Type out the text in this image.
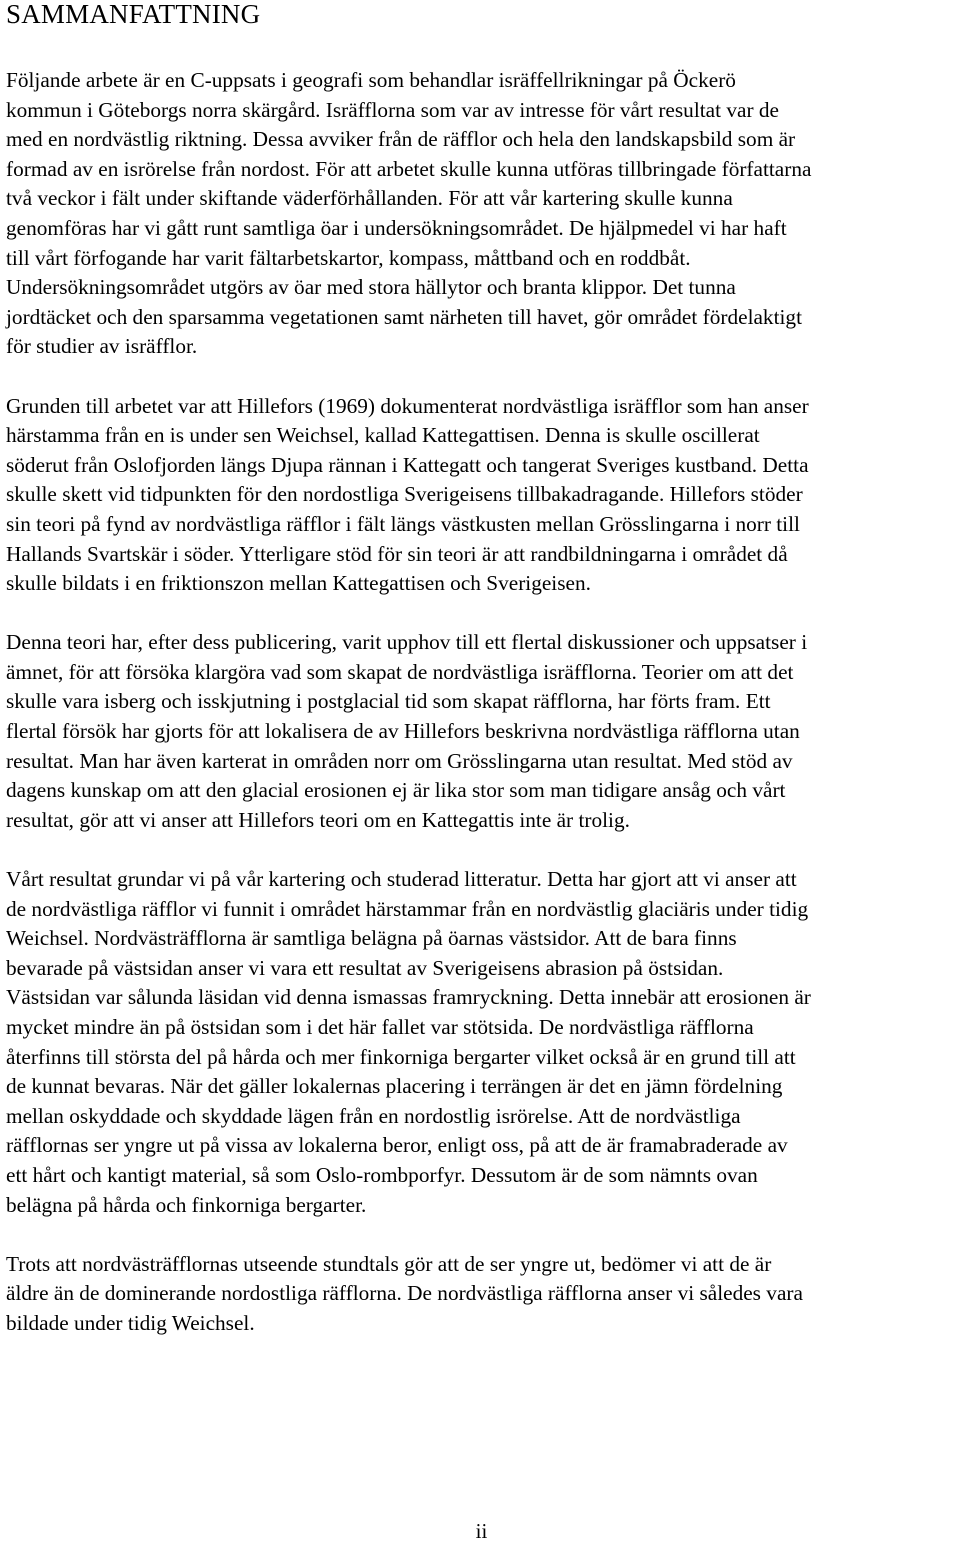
SAMMANFATTNING

Följande arbete är en C-uppsats i geografi som behandlar isräffellrikningar på Öckerö
kommun i Göteborgs norra skärgård. Isräfflorna som var av intresse för vårt resultat var de
med en nordvästlig riktning. Dessa avviker från de räfflor och hela den landskapsbild som är
formad av en isrörelse från nordost. För att arbetet skulle kunna utföras tillbringade författarna
två veckor i fält under skiftande väderförhållanden. För att vår kartering skulle kunna
genomföras har vi gått runt samtliga öar i undersökningsområdet. De hjälpmedel vi har haft
till vårt förfogande har varit fältarbetskartor, kompass, måttband och en roddbåt.
Undersökningsområdet utgörs av öar med stora hällytor och branta klippor. Det tunna
jordtäcket och den sparsamma vegetationen samt närheten till havet, gör området fördelaktigt
för studier av isräfflor.

Grunden till arbetet var att Hillefors (1969) dokumenterat nordvästliga isräfflor som han anser
härstamma från en is under sen Weichsel, kallad Kattegattisen. Denna is skulle oscillerat
söderut från Oslofjorden längs Djupa rännan i Kattegatt och tangerat Sveriges kustband. Detta
skulle skett vid tidpunkten för den nordostliga Sverigeisens tillbakadragande. Hillefors stöder
sin teori på fynd av nordvästliga räfflor i fält längs västkusten mellan Grösslingarna i norr till
Hallands Svartskär i söder. Ytterligare stöd för sin teori är att randbildningarna i området då
skulle bildats i en friktionszon mellan Kattegattisen och Sverigeisen.

Denna teori har, efter dess publicering, varit upphov till ett flertal diskussioner och uppsatser i
ämnet, för att försöka klargöra vad som skapat de nordvästliga isräfflorna. Teorier om att det
skulle vara isberg och isskjutning i postglacial tid som skapat räfflorna, har förts fram. Ett
flertal försök har gjorts för att lokalisera de av Hillefors beskrivna nordvästliga räfflorna utan
resultat. Man har även karterat in områden norr om Grösslingarna utan resultat. Med stöd av
dagens kunskap om att den glacial erosionen ej är lika stor som man tidigare ansåg och vårt
resultat, gör att vi anser att Hillefors teori om en Kattegattis inte är trolig.

Vårt resultat grundar vi på vår kartering och studerad litteratur. Detta har gjort att vi anser att
de nordvästliga räfflor vi funnit i området härstammar från en nordvästlig glaciäris under tidig
Weichsel. Nordvästräfflorna är samtliga belägna på öarnas västsidor. Att de bara finns
bevarade på västsidan anser vi vara ett resultat av Sverigeisens abrasion på östsidan.
Västsidan var sålunda läsidan vid denna ismassas framryckning. Detta innebär att erosionen är
mycket mindre än på östsidan som i det här fallet var stötsida. De nordvästliga räfflorna
återfinns till största del på hårda och mer finkorniga bergarter vilket också är en grund till att
de kunnat bevaras. När det gäller lokalernas placering i terrängen är det en jämn fördelning
mellan oskyddade och skyddade lägen från en nordostlig isrörelse. Att de nordvästliga
räfflornas ser yngre ut på vissa av lokalerna beror, enligt oss, på att de är framabraderade av
ett hårt och kantigt material, så som Oslo-rombporfyr. Dessutom är de som nämnts ovan
belägna på hårda och finkorniga bergarter.

Trots att nordvästräfflornas utseende stundtals gör att de ser yngre ut, bedömer vi att de är
äldre än de dominerande nordostliga räfflorna. De nordvästliga räfflorna anser vi således vara
bildade under tidig Weichsel.

ii
